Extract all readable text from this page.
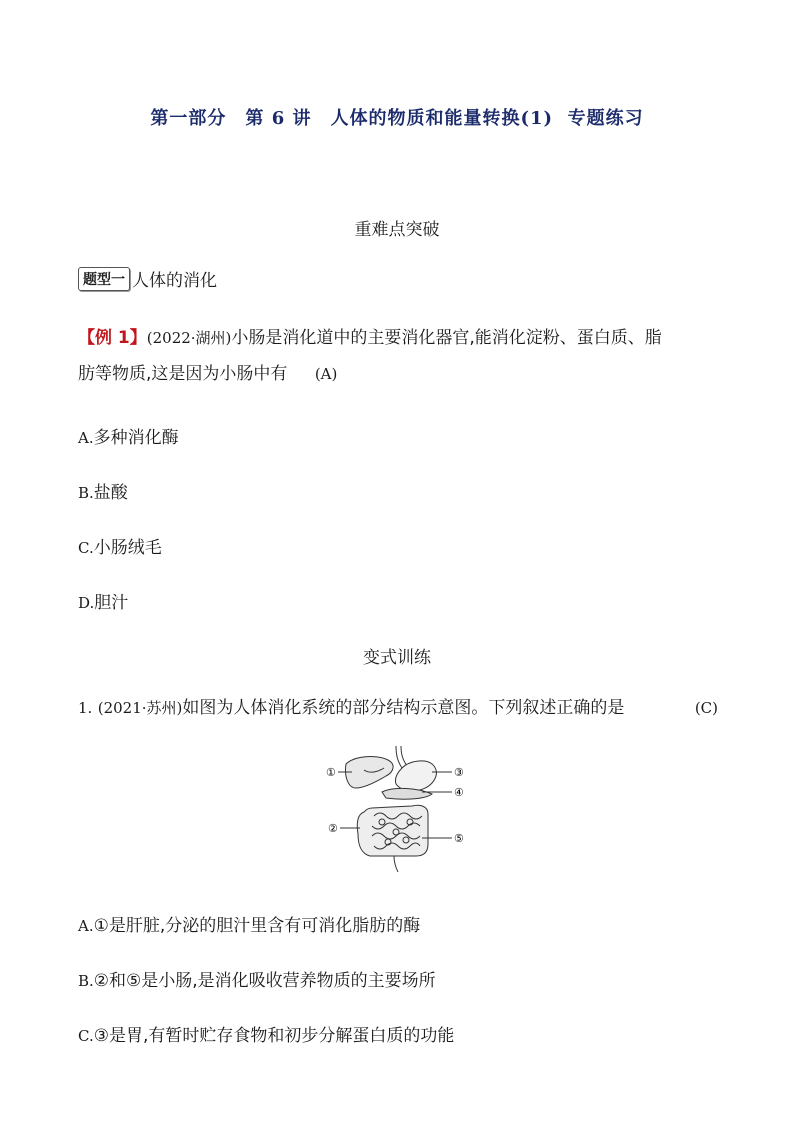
第一部分　第 6 讲　人体的物质和能量转换(1)  专题练习
重难点突破
题型一 人体的消化
【例 1】(2022·湖州)小肠是消化道中的主要消化器官,能消化淀粉、蛋白质、脂
肪等物质,这是因为小肠中有 (A)
A.多种消化酶
B.盐酸
C.小肠绒毛
D.胆汁
变式训练
1. (2021·苏州)如图为人体消化系统的部分结构示意图。下列叙述正确的是	(C)
①
②
③
④
⑤
A.①是肝脏,分泌的胆汁里含有可消化脂肪的酶
B.②和⑤是小肠,是消化吸收营养物质的主要场所
C.③是胃,有暂时贮存食物和初步分解蛋白质的功能
